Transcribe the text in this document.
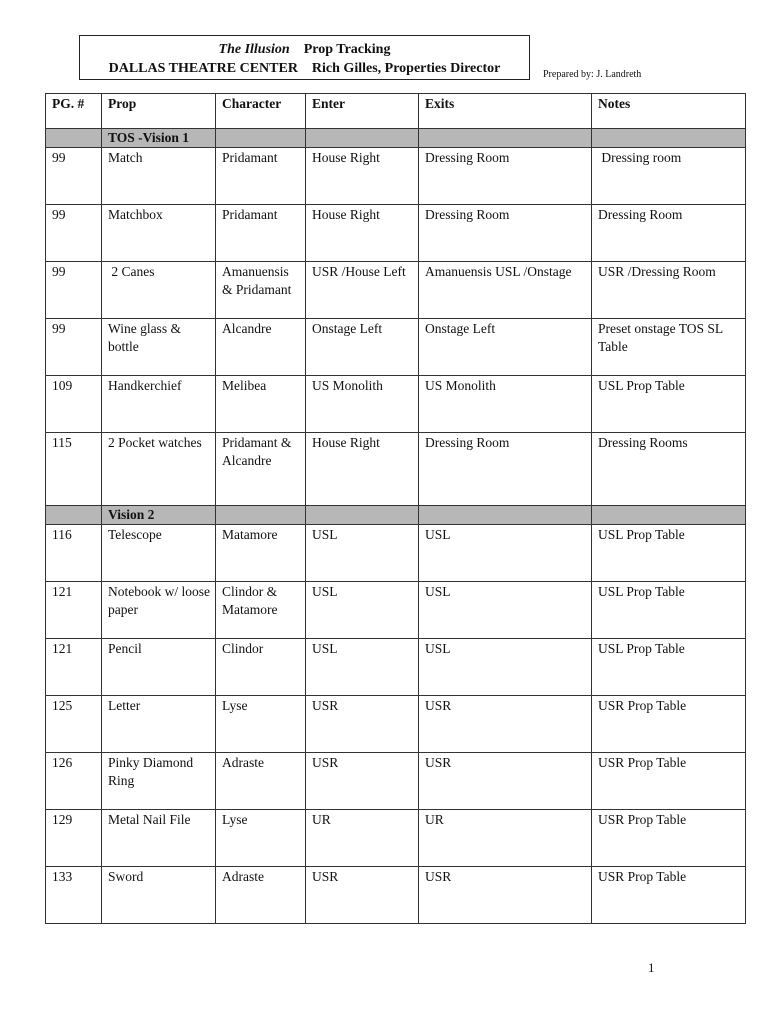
The Illusion Prop Tracking
DALLAS THEATRE CENTER    Rich Gilles, Properties Director	Prepared by: J. Landreth
PG. #	Prop	Character	Enter	Exits	Notes
	TOS -Vision 1				
99	Match	Pridamant	House Right	Dressing Room	Dressing room
99	Matchbox	Pridamant	House Right	Dressing Room	Dressing Room
99	2 Canes	Amanuensis & Pridamant	USR /House Left	Amanuensis USL /Onstage	USR /Dressing Room
99	Wine glass & bottle	Alcandre	Onstage Left	Onstage Left	Preset onstage TOS SL Table
109	Handkerchief	Melibea	US Monolith	US Monolith	USL Prop Table
115	2 Pocket watches	Pridamant & Alcandre	House Right	Dressing Room	Dressing Rooms
	Vision 2				
116	Telescope	Matamore	USL	USL	USL Prop Table
121	Notebook w/ loose paper	Clindor & Matamore	USL	USL	USL Prop Table
121	Pencil	Clindor	USL	USL	USL Prop Table
125	Letter	Lyse	USR	USR	USR Prop Table
126	Pinky Diamond Ring	Adraste	USR	USR	USR Prop Table
129	Metal Nail File	Lyse	UR	UR	USR Prop Table
133	Sword	Adraste	USR	USR	USR Prop Table
1
